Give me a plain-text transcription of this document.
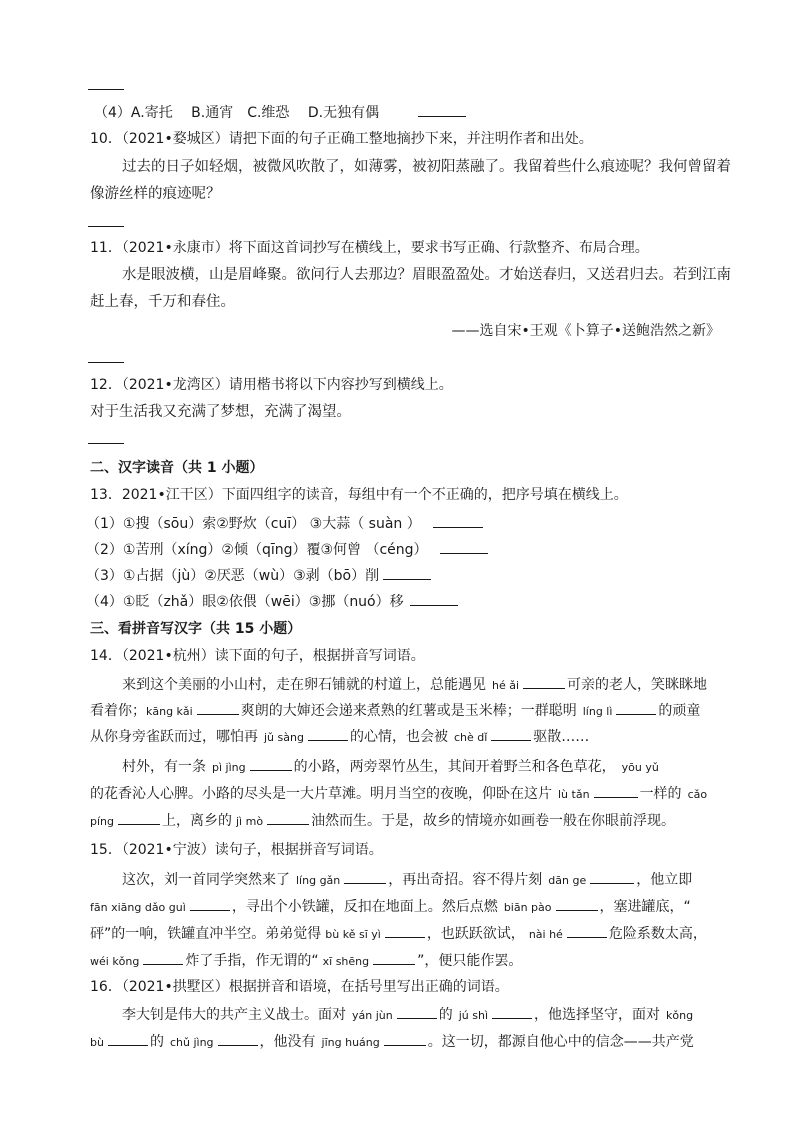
（4）A.寄托　 B.通宵　C.维恐　 D.无独有偶
10．（2021•婺城区）请把下面的句子正确工整地摘抄下来，并注明作者和出处。
过去的日子如轻烟，被微风吹散了，如薄雾，被初阳蒸融了。我留着些什么痕迹呢？我何曾留着
像游丝样的痕迹呢？
11．（2021•永康市）将下面这首词抄写在横线上，要求书写正确、行款整齐、布局合理。
水是眼波横，山是眉峰聚。欲问行人去那边？眉眼盈盈处。才始送春归，又送君归去。若到江南
赶上春，千万和春住。
——选自宋•王观《卜算子•送鲍浩然之新》
12．（2021•龙湾区）请用楷书将以下内容抄写到横线上。
对于生活我又充满了梦想，充满了渴望。
二、汉字读音（共 1 小题）
13．2021•江干区）下面四组字的读音，每组中有一个不正确的，把序号填在横线上。
（1）①搜（sōu）索②野炊（cuī） ③大蒜（ suàn ）
（2）①苦刑（xíng）②倾（qīng）覆③何曾 （céng）
（3）①占据（jù）②厌恶（wù）③剥（bō）削
（4）①眨（zhǎ）眼②依偎（wēi）③挪（nuó）移
三、看拼音写汉字（共 15 小题）
14．（2021•杭州）读下面的句子，根据拼音写词语。
来到这个美丽的小山村，走在卵石铺就的村道上，总能遇见 hé ǎi	可亲的老人，笑眯眯地
看着你；kāng kǎi	爽朗的大婶还会递来煮熟的红薯或是玉米棒；一群聪明 líng lì	的顽童
从你身旁雀跃而过，哪怕再 jǔ sàng	的心情，也会被 chè dǐ	驱散……
村外，有一条 pì jìng	的小路，两旁翠竹丛生，其间开着野兰和各色草花， yōu yǔ
的花香沁人心脾。小路的尽头是一大片草滩。明月当空的夜晚，仰卧在这片 lù tǎn	一样的 cǎo
píng	上，离乡的 jì mò	油然而生。于是，故乡的情境亦如画卷一般在你眼前浮现。
15．（2021•宁波）读句子，根据拼音写词语。
这次，刘一首同学突然来了 líng gǎn	，再出奇招。容不得片刻 dān ge	，他立即
fān xiāng dǎo guì	，寻出个小铁罐，反扣在地面上。然后点燃 biān pào	，塞进罐底，“
砰”的一响，铁罐直冲半空。弟弟觉得 bù kě sī yì	，也跃跃欲试， nài hé	危险系数太高，
wéi kǒng	炸了手指，作无谓的“ xī shēng	”，便只能作罢。
16．（2021•拱墅区）根据拼音和语境，在括号里写出正确的词语。
李大钊是伟大的共产主义战士。面对 yán jùn	的 jú shì	，他选择坚守，面对 kǒng
bù	的 chǔ jìng	，他没有 jīng huáng	。这一切，都源自他心中的信念——共产党
